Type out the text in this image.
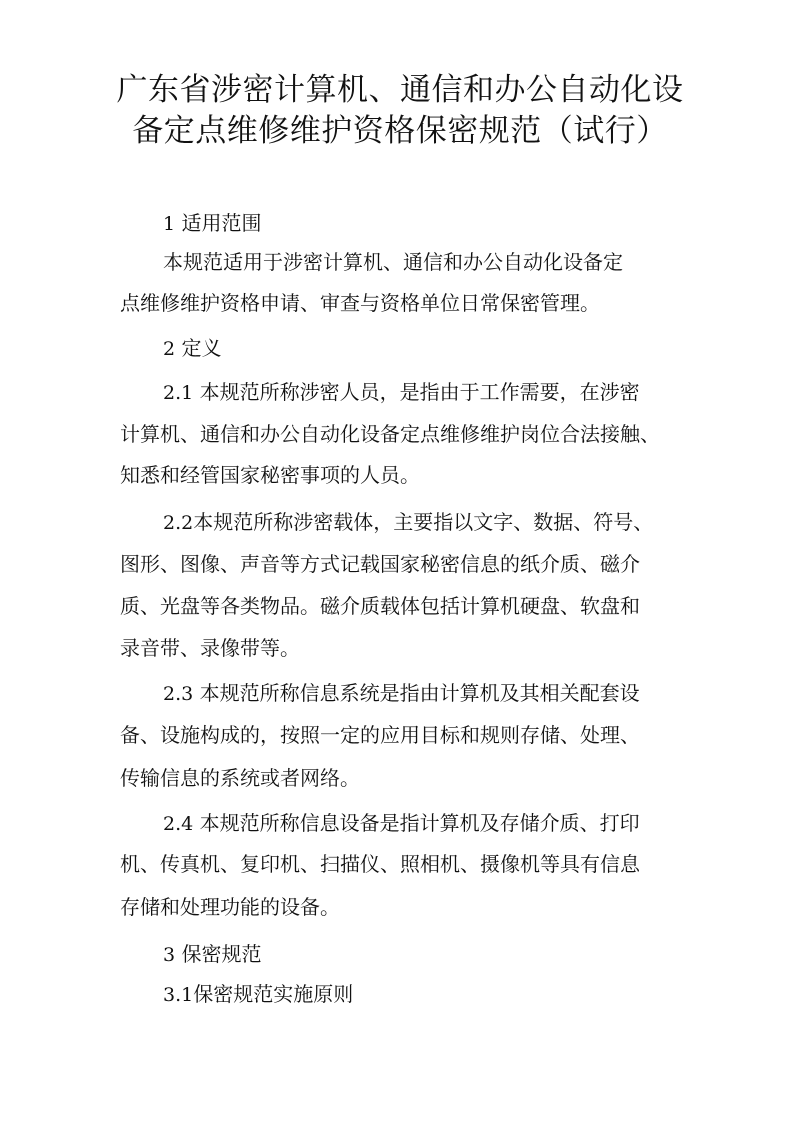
广东省涉密计算机、通信和办公自动化设
备定点维修维护资格保密规范（试行）
1 适用范围
本规范适用于涉密计算机、通信和办公自动化设备定
点维修维护资格申请、审查与资格单位日常保密管理。
2 定义
2.1 本规范所称涉密人员，是指由于工作需要，在涉密
计算机、通信和办公自动化设备定点维修维护岗位合法接触、
知悉和经管国家秘密事项的人员。
2.2本规范所称涉密载体，主要指以文字、数据、符号、
图形、图像、声音等方式记载国家秘密信息的纸介质、磁介
质、光盘等各类物品。磁介质载体包括计算机硬盘、软盘和
录音带、录像带等。
2.3 本规范所称信息系统是指由计算机及其相关配套设
备、设施构成的，按照一定的应用目标和规则存储、处理、
传输信息的系统或者网络。
2.4 本规范所称信息设备是指计算机及存储介质、打印
机、传真机、复印机、扫描仪、照相机、摄像机等具有信息
存储和处理功能的设备。
3 保密规范
3.1保密规范实施原则
